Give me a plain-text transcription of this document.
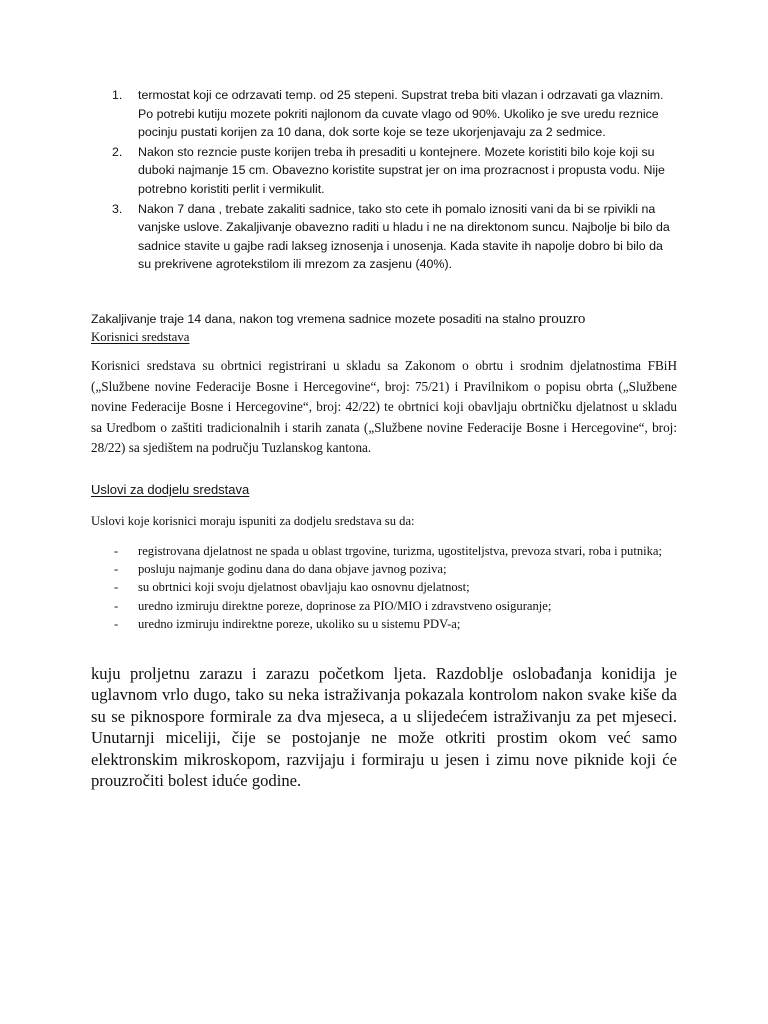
1. termostat koji ce odrzavati temp. od 25 stepeni. Supstrat treba biti vlazan i odrzavati ga vlaznim. Po potrebi kutiju mozete pokriti najlonom da cuvate vlago od 90%. Ukoliko je sve uredu reznice pocinju pustati korijen za 10 dana, dok sorte koje se teze ukorjenjavaju za 2 sedmice.
2. Nakon sto rezncie puste korijen treba ih presaditi u kontejnere. Mozete koristiti bilo koje koji su duboki najmanje 15 cm. Obavezno koristite supstrat jer on ima prozracnost i propusta vodu. Nije potrebno koristiti perlit i vermikulit.
3. Nakon 7 dana , trebate zakaliti sadnice, tako sto cete ih pomalo iznositi vani da bi se rpivikli na vanjske uslove. Zakaljivanje obavezno raditi u hladu i ne na direktonom suncu. Najbolje bi bilo da sadnice stavite u gajbe radi lakseg iznosenja i unosenja. Kada stavite ih napolje dobro bi bilo da su prekrivene agrotekstilom ili mrezom za zasjenu (40%).

Zakaljivanje traje 14 dana, nakon tog vremena sadnice mozete posaditi na stalno prouzro

Korisnici sredstava

Korisnici sredstava su obrtnici registrirani u skladu sa Zakonom o obrtu i srodnim djelatnostima FBiH („Službene novine Federacije Bosne i Hercegovine“, broj: 75/21) i Pravilnikom o popisu obrta („Službene novine Federacije Bosne i Hercegovine“, broj: 42/22) te obrtnici koji obavljaju obrtničku djelatnost u skladu sa Uredbom o zaštiti tradicionalnih i starih zanata („Službene novine Federacije Bosne i Hercegovine“, broj: 28/22) sa sjedištem na području Tuzlanskog kantona.

Uslovi za dodjelu sredstava

Uslovi koje korisnici moraju ispuniti za dodjelu sredstava su da:

- registrovana djelatnost ne spada u oblast trgovine, turizma, ugostiteljstva, prevoza stvari, roba i putnika;
- posluju najmanje godinu dana do dana objave javnog poziva;
- su obrtnici koji svoju djelatnost obavljaju kao osnovnu djelatnost;
- uredno izmiruju direktne poreze, doprinose za PIO/MIO i zdravstveno osiguranje;
- uredno izmiruju indirektne poreze, ukoliko su u sistemu PDV-a;

kuju proljetnu zarazu i zarazu početkom ljeta. Razdoblje oslobađanja konidija je uglavnom vrlo dugo, tako su neka istraživanja pokazala kontrolom nakon svake kiše da su se piknospore formirale za dva mjeseca, a u slijedećem istraživanju za pet mjeseci. Unutarnji miceliji, čije se postojanje ne može otkriti prostim okom već samo elektronskim mikroskopom, razvijaju i formiraju u jesen i zimu nove piknide koji će prouzročiti bolest iduće godine.
